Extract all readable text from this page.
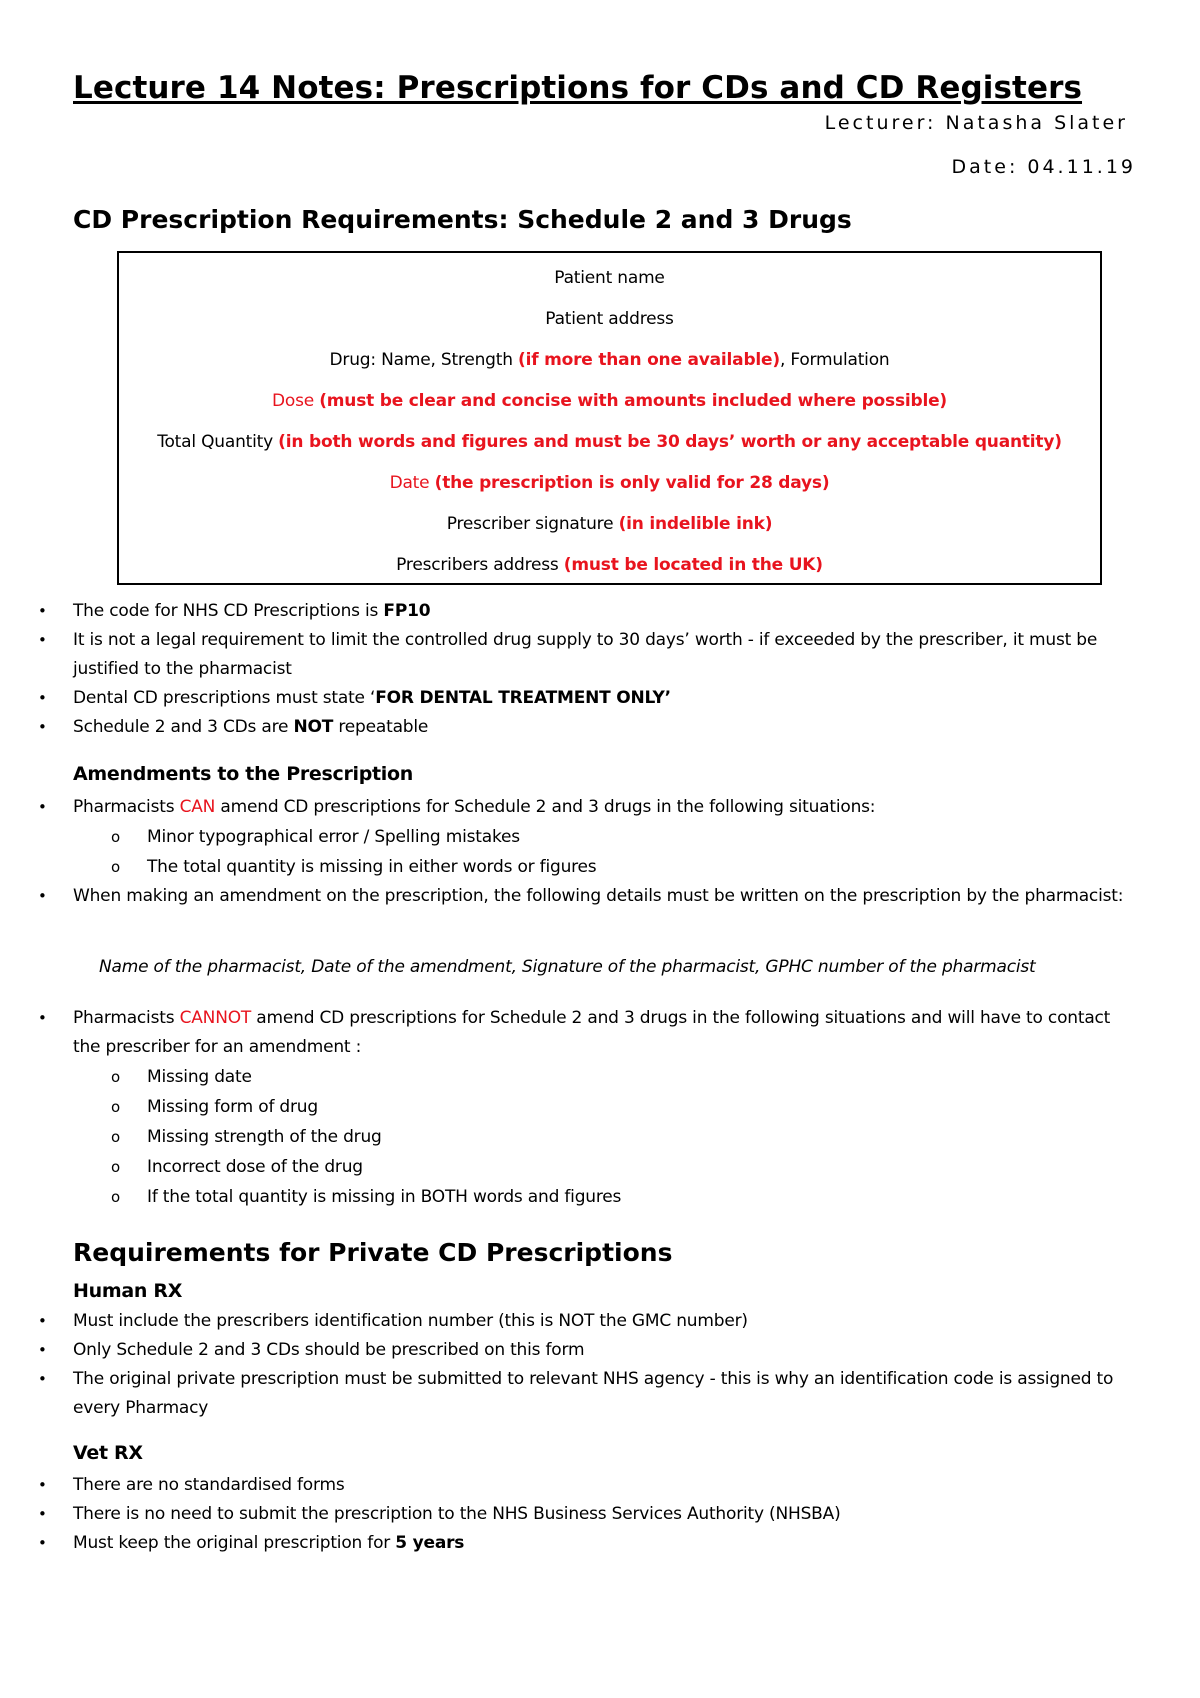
Lecture 14 Notes: Prescriptions for CDs and CD Registers

Lecturer: Natasha Slater

Date: 04.11.19

CD Prescription Requirements: Schedule 2 and 3 Drugs
Patient name
Patient address
Drug: Name, Strength (if more than one available), Formulation
Dose (must be clear and concise with amounts included where possible)
Total Quantity (in both words and figures and must be 30 days’ worth or any acceptable quantity)
Date (the prescription is only valid for 28 days)
Prescriber signature (in indelible ink)
Prescribers address (must be located in the UK)
• The code for NHS CD Prescriptions is FP10
• It is not a legal requirement to limit the controlled drug supply to 30 days’ worth - if exceeded by the prescriber, it must be justified to the pharmacist
• Dental CD prescriptions must state ‘FOR DENTAL TREATMENT ONLY’
• Schedule 2 and 3 CDs are NOT repeatable
Amendments to the Prescription
• Pharmacists CAN amend CD prescriptions for Schedule 2 and 3 drugs in the following situations:
o Minor typographical error / Spelling mistakes
o The total quantity is missing in either words or figures
• When making an amendment on the prescription, the following details must be written on the prescription by the pharmacist:

Name of the pharmacist, Date of the amendment, Signature of the pharmacist, GPHC number of the pharmacist

• Pharmacists CANNOT amend CD prescriptions for Schedule 2 and 3 drugs in the following situations and will have to contact the prescriber for an amendment :
o Missing date
o Missing form of drug
o Missing strength of the drug
o Incorrect dose of the drug
o If the total quantity is missing in BOTH words and figures
Requirements for Private CD Prescriptions
Human RX
• Must include the prescribers identification number (this is NOT the GMC number)
• Only Schedule 2 and 3 CDs should be prescribed on this form
• The original private prescription must be submitted to relevant NHS agency - this is why an identification code is assigned to every Pharmacy
Vet RX
• There are no standardised forms
• There is no need to submit the prescription to the NHS Business Services Authority (NHSBA)
• Must keep the original prescription for 5 years
